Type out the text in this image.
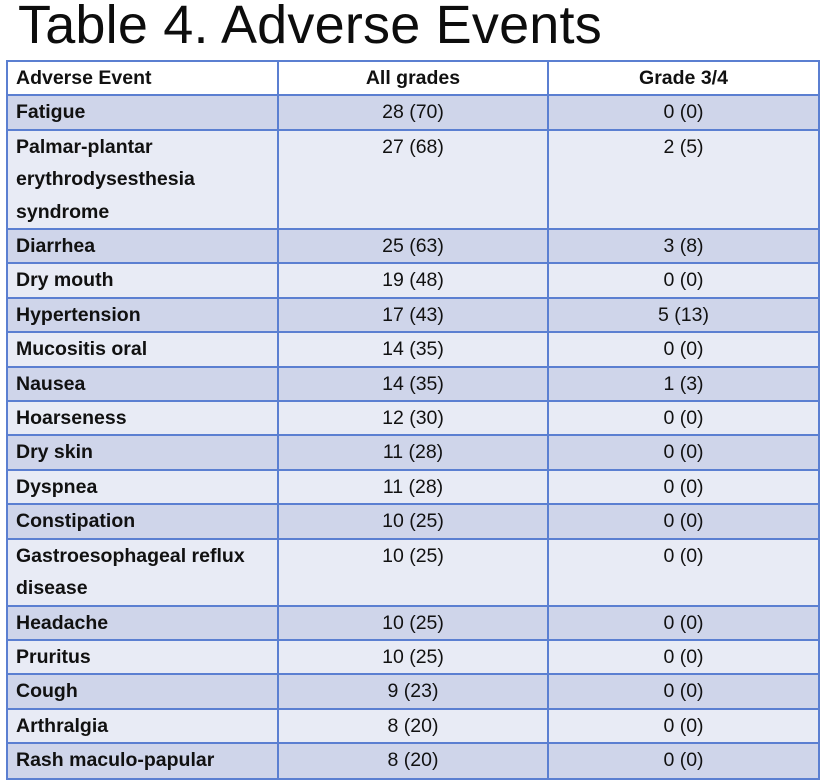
Table 4. Adverse Events
Adverse Event	All grades	Grade 3/4
Fatigue	28 (70)	0 (0)
Palmar-plantar erythrodysesthesia syndrome	27 (68)	2 (5)
Diarrhea	25 (63)	3 (8)
Dry mouth	19 (48)	0 (0)
Hypertension	17 (43)	5 (13)
Mucositis oral	14 (35)	0 (0)
Nausea	14 (35)	1 (3)
Hoarseness	12 (30)	0 (0)
Dry skin	11 (28)	0 (0)
Dyspnea	11 (28)	0 (0)
Constipation	10 (25)	0 (0)
Gastroesophageal reflux disease	10 (25)	0 (0)
Headache	10 (25)	0 (0)
Pruritus	10 (25)	0 (0)
Cough	9 (23)	0 (0)
Arthralgia	8 (20)	0 (0)
Rash maculo-papular	8 (20)	0 (0)
